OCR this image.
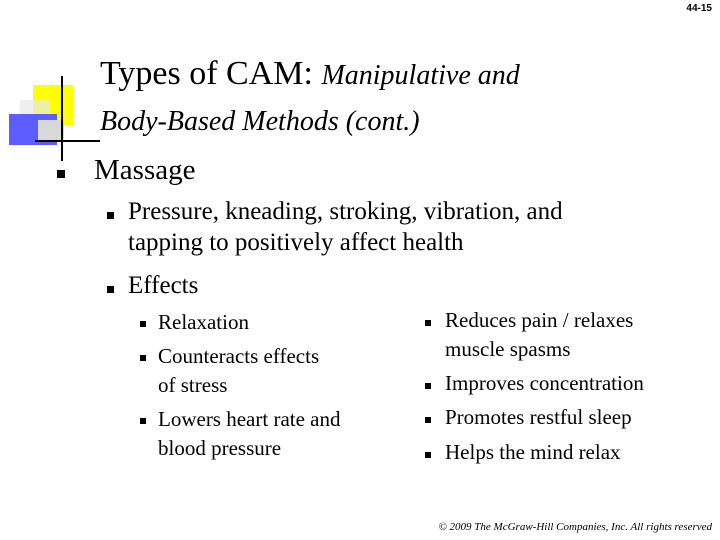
44-15
Types of CAM: Manipulative and
Body-Based Methods (cont.)
Massage
Pressure, kneading, stroking, vibration, and
tapping to positively affect health
Effects
Relaxation
Counteracts effects
of stress
Lowers heart rate and
blood pressure
Reduces pain / relaxes
muscle spasms
Improves concentration
Promotes restful sleep
Helps the mind relax
© 2009 The McGraw-Hill Companies, Inc. All rights reserved
